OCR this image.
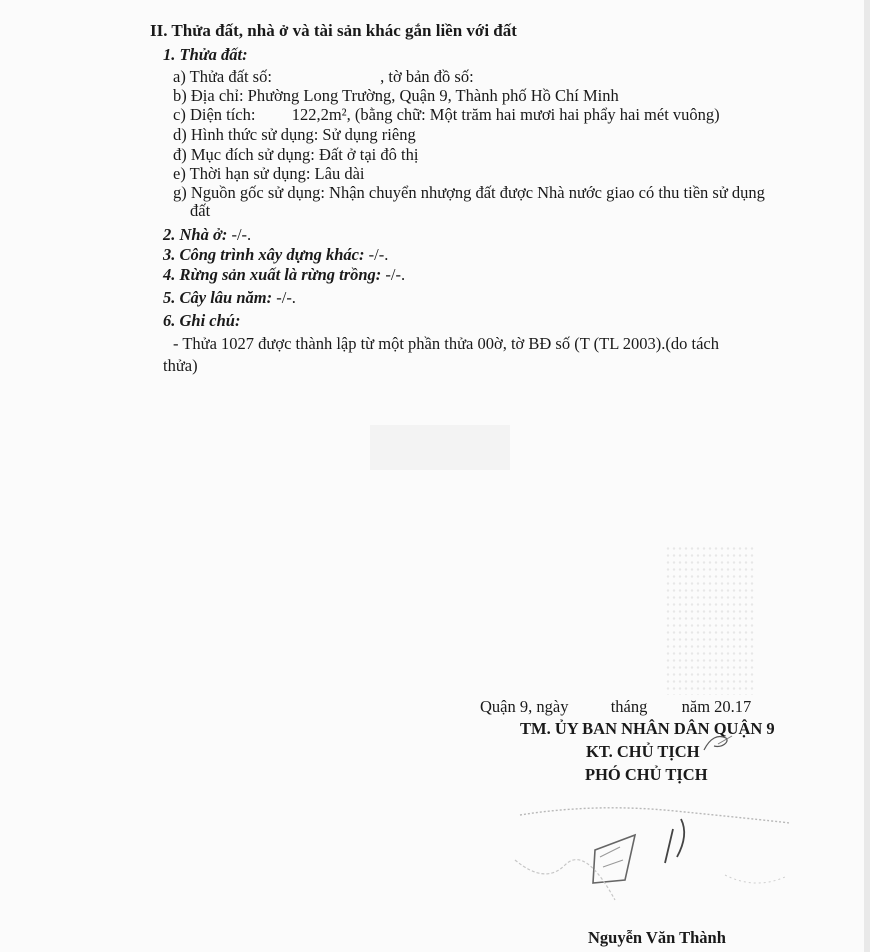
II. Thửa đất, nhà ở và tài sản khác gắn liền với đất
1. Thửa đất:
a) Thửa đất số:	, tờ bản đồ số:
b) Địa chỉ: Phường Long Trường, Quận 9, Thành phố Hồ Chí Minh
c) Diện tích: 122,2m², (bằng chữ: Một trăm hai mươi hai phẩy hai mét vuông)
d) Hình thức sử dụng: Sử dụng riêng
đ) Mục đích sử dụng: Đất ở tại đô thị
e) Thời hạn sử dụng: Lâu dài
g) Nguồn gốc sử dụng: Nhận chuyển nhượng đất được Nhà nước giao có thu tiền sử dụng
đất
2. Nhà ở: -/-.
3. Công trình xây dựng khác: -/-.
4. Rừng sản xuất là rừng trồng: -/-.
5. Cây lâu năm: -/-.
6. Ghi chú:
- Thửa 1027 được thành lập từ một phần thửa 00ờ, tờ BĐ số (T (TL 2003).(do tách
thửa)
Quận 9, ngày	tháng năm 20.17
TM. ỦY BAN NHÂN DÂN QUẬN 9
KT. CHỦ TỊCH
PHÓ CHỦ TỊCH
Nguyễn Văn Thành
